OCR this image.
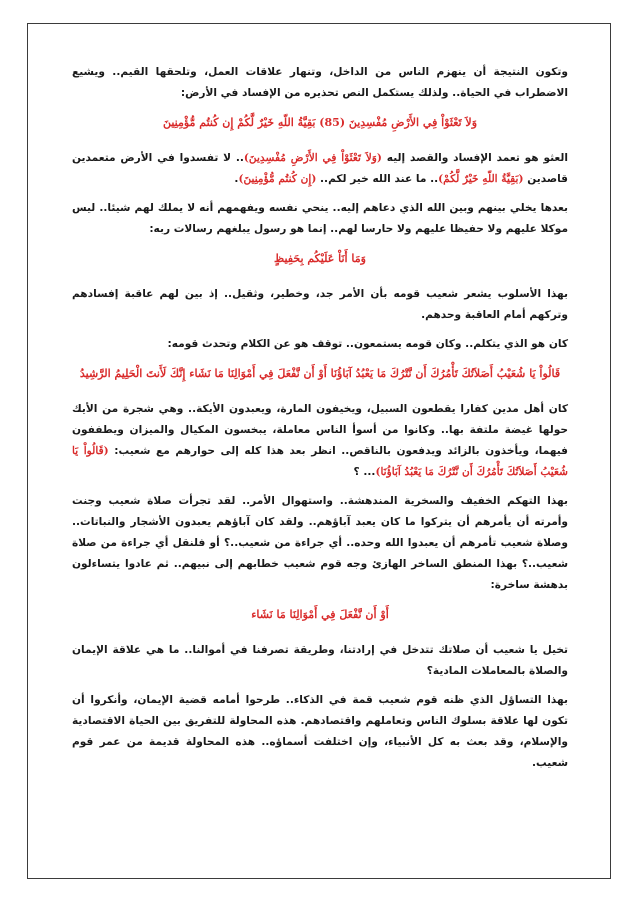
وتكون النتيجة أن ينهزم الناس من الداخل، وتنهار علاقات العمل، وتلحقها القيم.. ويشيع الاضطراب في الحياة.. ولذلك يستكمل النص تحذيره من الإفساد في الأرض:

وَلاَ تَعْثَوْاْ فِي الأَرْضِ مُفْسِدِينَ (85) بَقِيَّةُ اللّهِ خَيْرٌ لَّكُمْ إِن كُنتُم مُّؤْمِنِينَ

العثو هو تعمد الإفساد والقصد إليه (وَلاَ تَعْثَوْاْ فِي الأَرْضِ مُفْسِدِينَ).. لا تفسدوا في الأرض متعمدين قاصدين (بَقِيَّةُ اللّهِ خَيْرٌ لَّكُمْ).. ما عند الله خير لكم.. (إِن كُنتُم مُّؤْمِنِينَ).

بعدها يخلي بينهم وبين الله الذي دعاهم إليه.. ينحي نفسه ويفهمهم أنه لا يملك لهم شيئا.. ليس موكلا عليهم ولا حفيظا عليهم ولا حارسا لهم.. إنما هو رسول يبلغهم رسالات ربه:

وَمَا أَنَاْ عَلَيْكُم بِحَفِيظٍ

بهذا الأسلوب يشعر شعيب قومه بأن الأمر جد، وخطير، وثقيل.. إذ بين لهم عاقبة إفسادهم وتركهم أمام العاقبة وحدهم.

كان هو الذي يتكلم.. وكان قومه يستمعون.. توقف هو عن الكلام وتحدث قومه:

قَالُواْ يَا شُعَيْبُ أَصَلاَتُكَ تَأْمُرُكَ أَن نَّتْرُكَ مَا يَعْبُدُ آبَاؤُنَا أَوْ أَن نَّفْعَلَ فِي أَمْوَالِنَا مَا نَشَاء إِنَّكَ لَأَنتَ الْحَلِيمُ الرَّشِيدُ

كان أهل مدين كفارا يقطعون السبيل، ويخيفون المارة، ويعبدون الأيكة.. وهي شجرة من الأيك حولها غيضة ملتفة بها.. وكانوا من أسوأ الناس معاملة، يبخسون المكيال والميزان ويطففون فيهما، ويأخذون بالزائد ويدفعون بالناقص.. انظر بعد هذا كله إلى حوارهم مع شعيب: (قَالُواْ يَا شُعَيْبُ أَصَلاَتُكَ تَأْمُرُكَ أَن نَّتْرُكَ مَا يَعْبُدُ آبَاؤُنَا)... ؟

بهذا التهكم الخفيف والسخرية المندهشة.. واستهوال الأمر.. لقد تجرأت صلاة شعيب وجنت وأمرته أن يأمرهم أن يتركوا ما كان يعبد آباؤهم.. ولقد كان آباؤهم يعبدون الأشجار والنباتات.. وصلاة شعيب تأمرهم أن يعبدوا الله وحده.. أي جراءة من شعيب..؟ أو فلنقل أي جراءة من صلاة شعيب..؟ بهذا المنطق الساخر الهازئ وجه قوم شعيب خطابهم إلى نبيهم.. ثم عادوا يتساءلون بدهشة ساخرة:

أَوْ أَن نَّفْعَلَ فِي أَمْوَالِنَا مَا نَشَاء

تخيل يا شعيب أن صلاتك تتدخل في إرادتنا، وطريقة تصرفنا في أموالنا.. ما هي علاقة الإيمان والصلاة بالمعاملات المادية؟

بهذا التساؤل الذي ظنه قوم شعيب قمة في الذكاء.. طرحوا أمامه قضية الإيمان، وأنكروا أن تكون لها علاقة بسلوك الناس وتعاملهم واقتصادهم. هذه المحاولة للتفريق بين الحياة الاقتصادية والإسلام، وقد بعث به كل الأنبياء، وإن اختلفت أسماؤه.. هذه المحاولة قديمة من عمر قوم شعيب.
